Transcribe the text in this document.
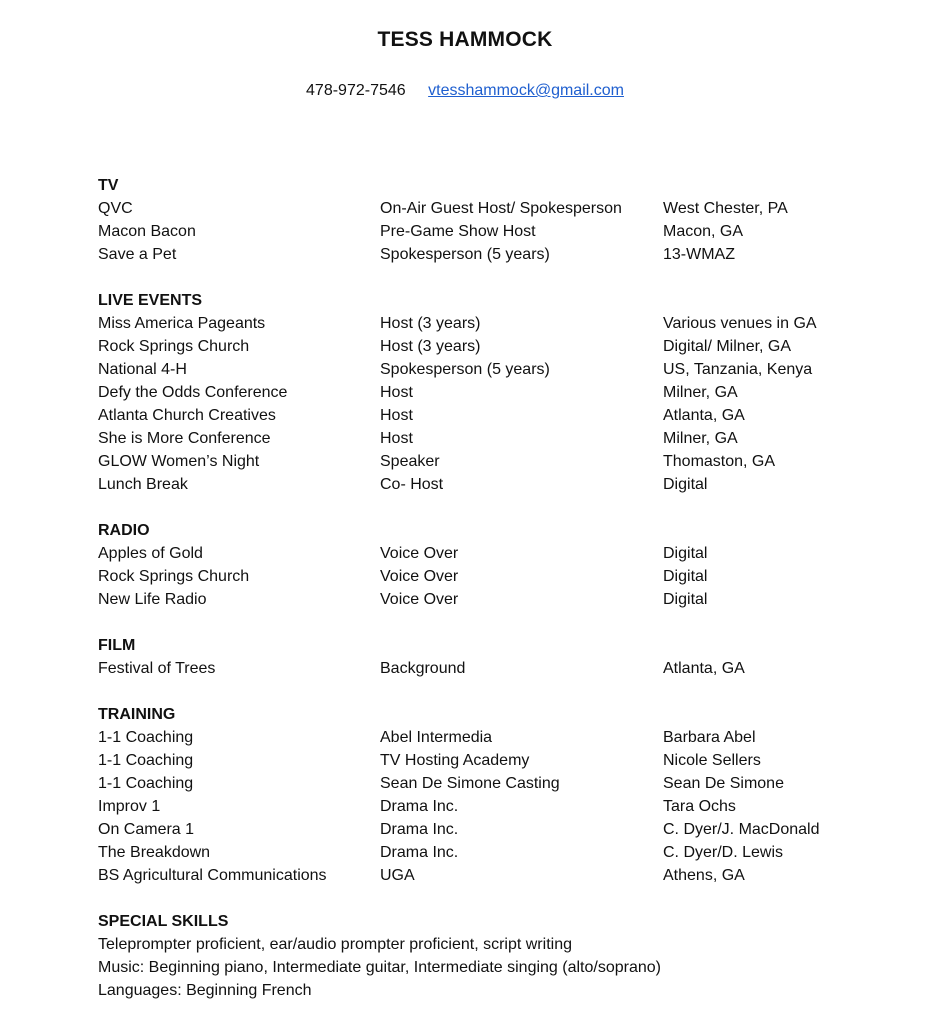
TESS HAMMOCK
478-972-7546 vtesshammock@gmail.com
TV
QVC	On-Air Guest Host/ Spokesperson	West Chester, PA
Macon Bacon	Pre-Game Show Host	Macon, GA
Save a Pet	Spokesperson (5 years)	13-WMAZ
LIVE EVENTS
Miss America Pageants	Host (3 years)	Various venues in GA
Rock Springs Church	Host (3 years)	Digital/ Milner, GA
National 4-H	Spokesperson (5 years)	US, Tanzania, Kenya
Defy the Odds Conference	Host	Milner, GA
Atlanta Church Creatives	Host	Atlanta, GA
She is More Conference	Host	Milner, GA
GLOW Women’s Night	Speaker	Thomaston, GA
Lunch Break	Co- Host	Digital
RADIO
Apples of Gold	Voice Over	Digital
Rock Springs Church	Voice Over	Digital
New Life Radio	Voice Over	Digital
FILM
Festival of Trees	Background	Atlanta, GA
TRAINING
1-1 Coaching	Abel Intermedia	Barbara Abel
1-1 Coaching	TV Hosting Academy	Nicole Sellers
1-1 Coaching	Sean De Simone Casting	Sean De Simone
Improv 1	Drama Inc.	Tara Ochs
On Camera 1	Drama Inc.	C. Dyer/J. MacDonald
The Breakdown	Drama Inc.	C. Dyer/D. Lewis
BS Agricultural Communications	UGA	Athens, GA
SPECIAL SKILLS
Teleprompter proficient, ear/audio prompter proficient, script writing
Music: Beginning piano, Intermediate guitar, Intermediate singing (alto/soprano)
Languages: Beginning French
